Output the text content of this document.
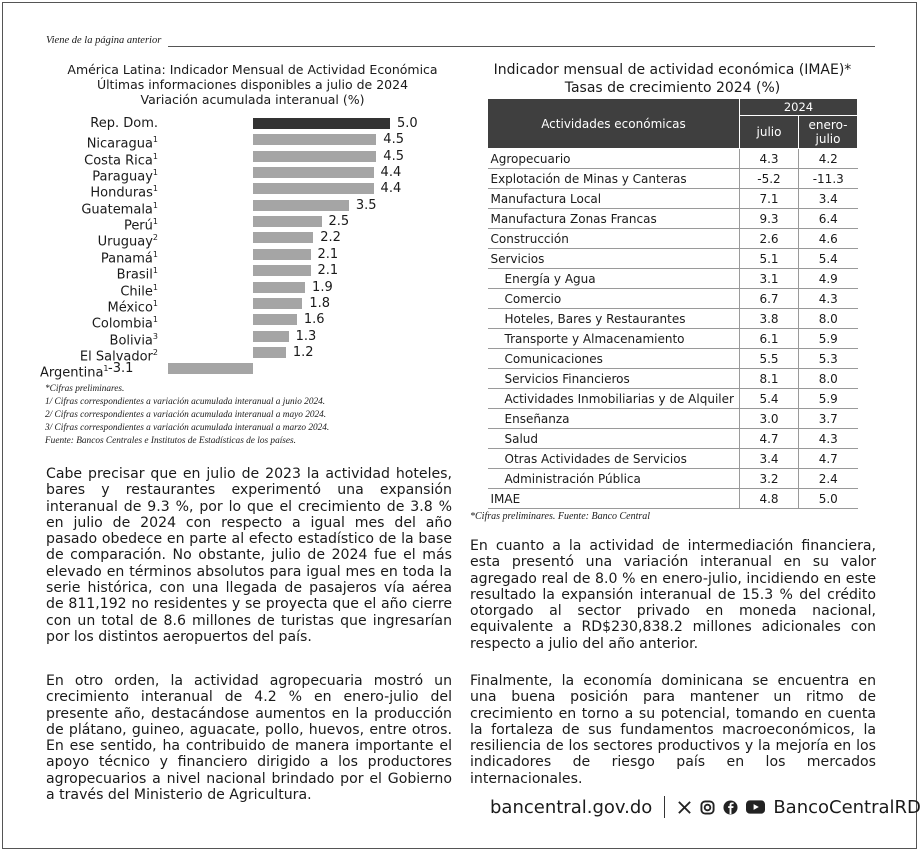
Viene de la página anterior
América Latina: Indicador Mensual de Actividad Económica
Últimas informaciones disponibles a julio de 2024
Variación acumulada interanual (%)
Rep. Dom.	5.0
Nicaragua$^1$	4.5
Costa Rica$^1$	4.5
Paraguay$^1$	4.4
Honduras$^1$	4.4
Guatemala$^1$	3.5
Perú$^1$	2.5
Uruguay$^2$	2.2
Panamá$^1$	2.1
Brasil$^1$	2.1
Chile$^1$	1.9
México$^1$	1.8
Colombia$^1$	1.6
Bolivia$^3$	1.3
El Salvador$^2$	1.2
Argentina$^1$ -3.1
*Cifras preliminares.
1/ Cifras correspondientes a variación acumulada interanual a junio 2024.
2/ Cifras correspondientes a variación acumulada interanual a mayo 2024.
3/ Cifras correspondientes a variación acumulada interanual a marzo 2024.
Fuente: Bancos Centrales e Institutos de Estadísticas de los países.
Indicador mensual de actividad económica (IMAE)*
Tasas de crecimiento 2024 (%)
Actividades económicas	2024	
	julio	enero-
julio
Agropecuario	4.3	4.2
Explotación de Minas y Canteras	-5.2	-11.3
Manufactura Local	7.1	3.4
Manufactura Zonas Francas	9.3	6.4
Construcción	2.6	4.6
Servicios	5.1	5.4
Energía y Agua	3.1	4.9
Comercio	6.7	4.3
Hoteles, Bares y Restaurantes	3.8	8.0
Transporte y Almacenamiento	6.1	5.9
Comunicaciones	5.5	5.3
Servicios Financieros	8.1	8.0
Actividades Inmobiliarias y de Alquiler	5.4	5.9
Enseñanza	3.0	3.7
Salud	4.7	4.3
Otras Actividades de Servicios	3.4	4.7
Administración Pública	3.2	2.4
IMAE	4.8	5.0
*Cifras preliminares. Fuente: Banco Central
Cabe precisar que en julio de 2023 la actividad hoteles, bares y restaurantes experimentó una expansión interanual de 9.3 %, por lo que el crecimiento de 3.8 % en julio de 2024 con respecto a igual mes del año pasado obedece en parte al efecto estadístico de la base de comparación. No obstante, julio de 2024 fue el más elevado en términos absolutos para igual mes en toda la serie histórica, con una llegada de pasajeros vía aérea de 811,192 no residentes y se proyecta que el año cierre con un total de 8.6 millones de turistas que ingresarían por los distintos aeropuertos del país.
En otro orden, la actividad agropecuaria mostró un crecimiento interanual de 4.2 % en enero-julio del presente año, destacándose aumentos en la producción de plátano, guineo, aguacate, pollo, huevos, entre otros. En ese sentido, ha contribuido de manera importante el apoyo técnico y financiero dirigido a los productores agropecuarios a nivel nacional brindado por el Gobierno a través del Ministerio de Agricultura.
En cuanto a la actividad de intermediación financiera, esta presentó una variación interanual en su valor agregado real de 8.0 % en enero-julio, incidiendo en este resultado la expansión interanual de 15.3 % del crédito otorgado al sector privado en moneda nacional, equivalente a RD$230,838.2 millones adicionales con respecto a julio del año anterior.
Finalmente, la economía dominicana se encuentra en una buena posición para mantener un ritmo de crecimiento en torno a su potencial, tomando en cuenta la fortaleza de sus fundamentos macroeconómicos, la resiliencia de los sectores productivos y la mejoría en los indicadores de riesgo país en los mercados internacionales.
bancentral.gov.do	BancoCentralRD
